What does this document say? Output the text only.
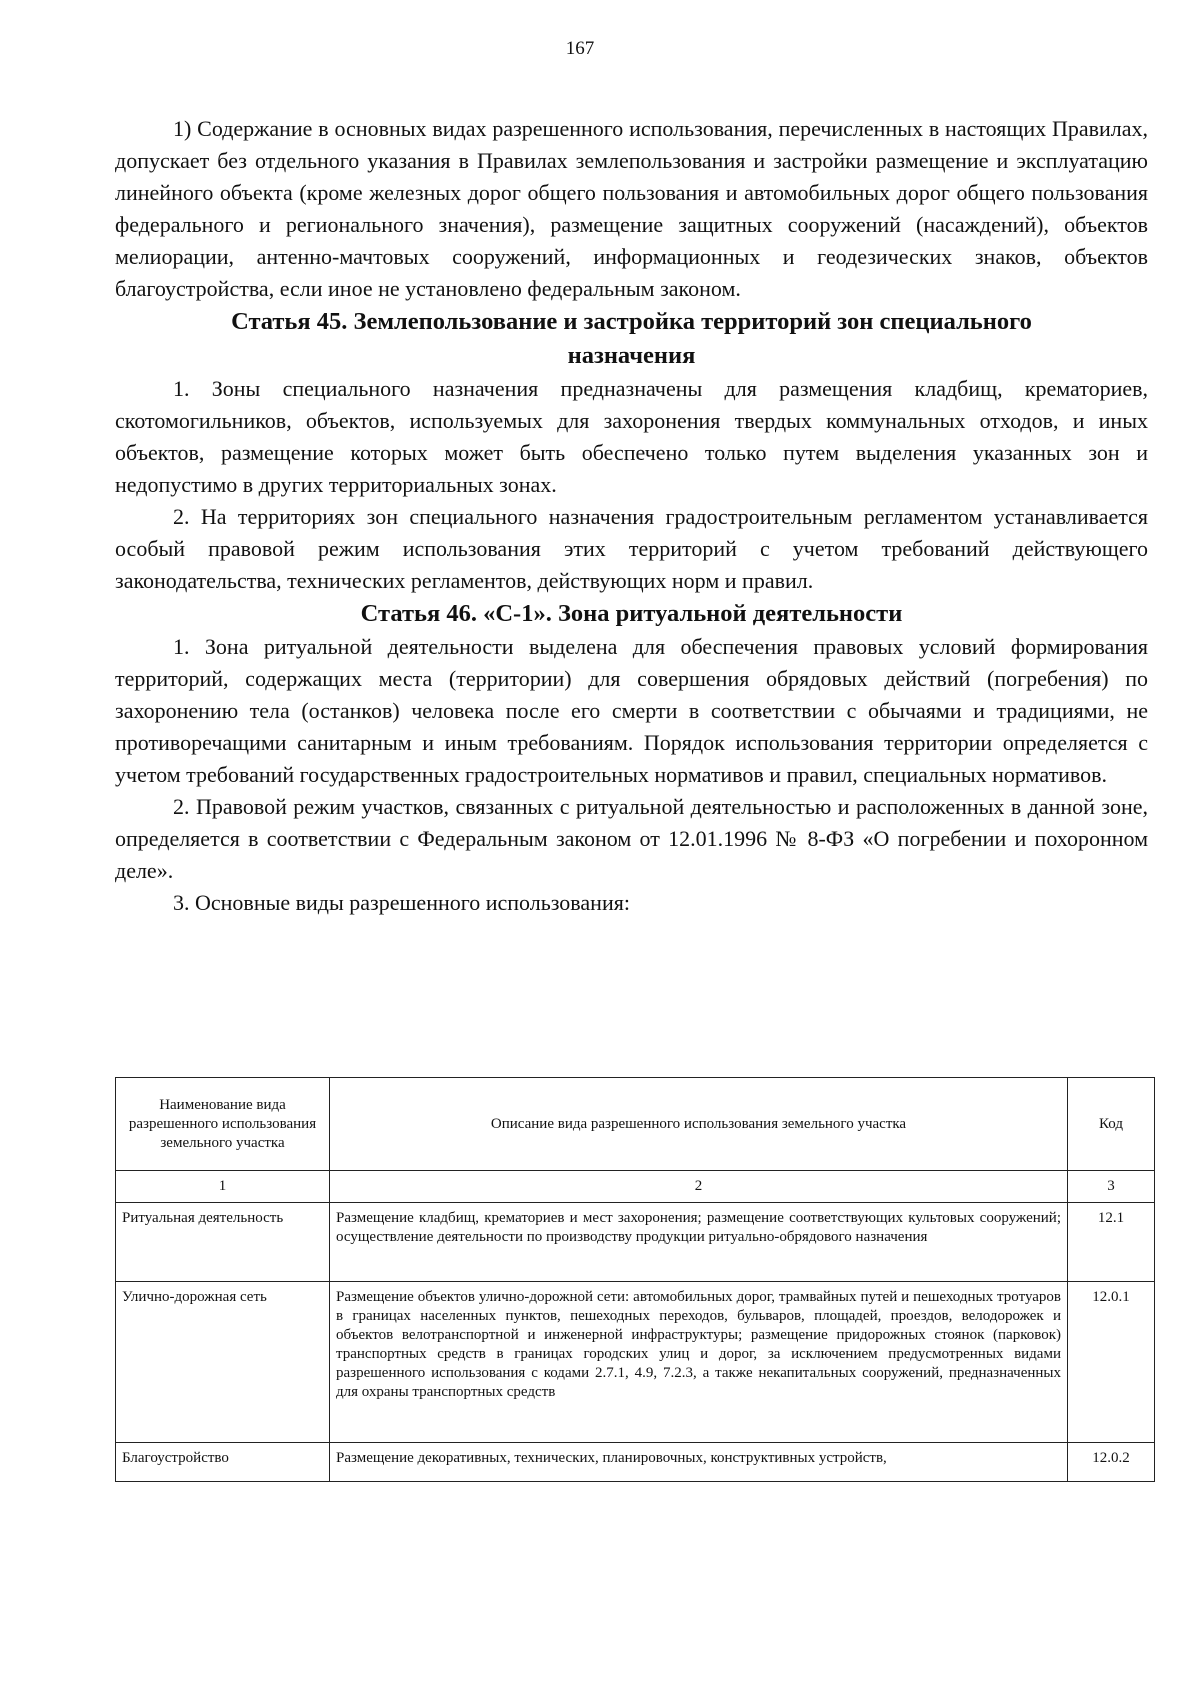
167

1) Содержание в основных видах разрешенного использования, перечисленных в настоящих Правилах, допускает без отдельного указания в Правилах землепользования и застройки размещение и эксплуатацию линейного объекта (кроме железных дорог общего пользования и автомобильных дорог общего пользования федерального и регионального значения), размещение защитных сооружений (насаждений), объектов мелиорации, антенно-мачтовых сооружений, информационных и геодезических знаков, объектов благоустройства, если иное не установлено федеральным законом.

Статья 45. Землепользование и застройка территорий зон специального
назначения

1. Зоны специального назначения предназначены для размещения кладбищ, крематориев, скотомогильников, объектов, используемых для захоронения твердых коммунальных отходов, и иных объектов, размещение которых может быть обеспечено только путем выделения указанных зон и недопустимо в других территориальных зонах.

2. На территориях зон специального назначения градостроительным регламентом устанавливается особый правовой режим использования этих территорий с учетом требований действующего законодательства, технических регламентов, действующих норм и правил.

Статья 46. «С-1». Зона ритуальной деятельности

1. Зона ритуальной деятельности выделена для обеспечения правовых условий формирования территорий, содержащих места (территории) для совершения обрядовых действий (погребения) по захоронению тела (останков) человека после его смерти в соответствии с обычаями и традициями, не противоречащими санитарным и иным требованиям. Порядок использования территории определяется с учетом требований государственных градостроительных нормативов и правил, специальных нормативов.

2. Правовой режим участков, связанных с ритуальной деятельностью и расположенных в данной зоне, определяется в соответствии с Федеральным законом от 12.01.1996 № 8-ФЗ «О погребении и похоронном деле».

3. Основные виды разрешенного использования:

Наименование вида разрешенного использования земельного участка	Описание вида разрешенного использования земельного участка	Код
1	2	3
Ритуальная деятельность	Размещение кладбищ, крематориев и мест захоронения; размещение соответствующих культовых сооружений; осуществление деятельности по производству продукции ритуально-обрядового назначения	12.1
Улично-дорожная сеть	Размещение объектов улично-дорожной сети: автомобильных дорог, трамвайных путей и пешеходных тротуаров в границах населенных пунктов, пешеходных переходов, бульваров, площадей, проездов, велодорожек и объектов велотранспортной и инженерной инфраструктуры; размещение придорожных стоянок (парковок) транспортных средств в границах городских улиц и дорог, за исключением предусмотренных видами разрешенного использования с кодами 2.7.1, 4.9, 7.2.3, а также некапитальных сооружений, предназначенных для охраны транспортных средств	12.0.1
Благоустройство	Размещение декоративных, технических, планировочных, конструктивных устройств,	12.0.2
